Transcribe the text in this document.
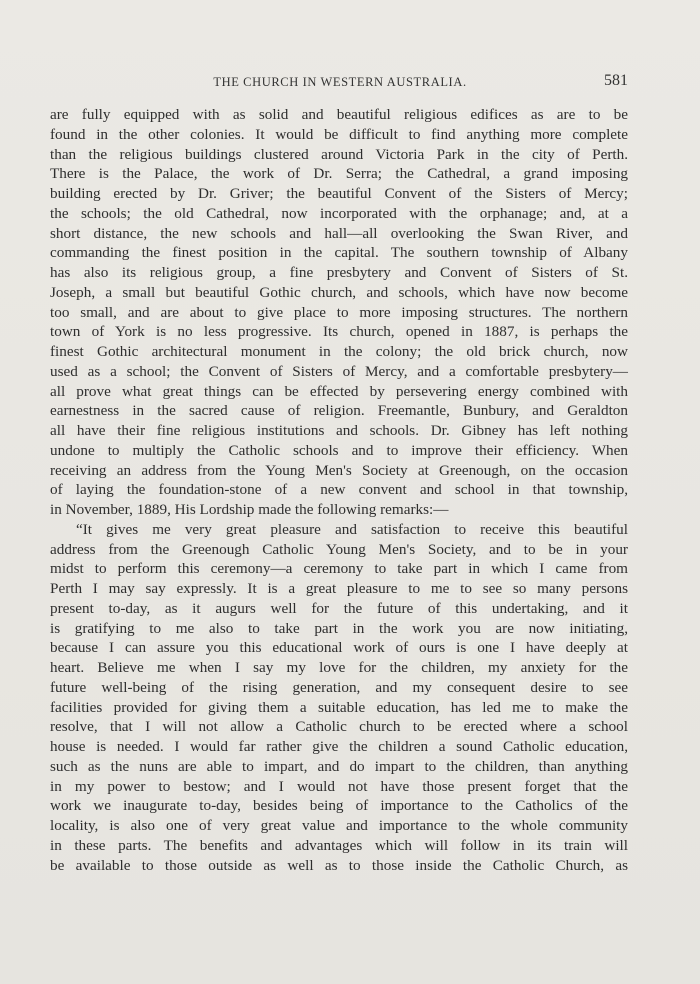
THE CHURCH IN WESTERN AUSTRALIA.	581
are fully equipped with as solid and beautiful religious edifices as are to be
found in the other colonies. It would be difficult to find anything more complete
than the religious buildings clustered around Victoria Park in the city of Perth.
There is the Palace, the work of Dr. Serra; the Cathedral, a grand imposing
building erected by Dr. Griver; the beautiful Convent of the Sisters of Mercy;
the schools; the old Cathedral, now incorporated with the orphanage; and, at a
short distance, the new schools and hall—all overlooking the Swan River, and
commanding the finest position in the capital. The southern township of Albany
has also its religious group, a fine presbytery and Convent of Sisters of St.
Joseph, a small but beautiful Gothic church, and schools, which have now become
too small, and are about to give place to more imposing structures. The northern
town of York is no less progressive. Its church, opened in 1887, is perhaps the
finest Gothic architectural monument in the colony; the old brick church, now
used as a school; the Convent of Sisters of Mercy, and a comfortable presbytery—
all prove what great things can be effected by persevering energy combined with
earnestness in the sacred cause of religion. Freemantle, Bunbury, and Geraldton
all have their fine religious institutions and schools. Dr. Gibney has left nothing
undone to multiply the Catholic schools and to improve their efficiency. When
receiving an address from the Young Men's Society at Greenough, on the occasion
of laying the foundation-stone of a new convent and school in that township,
in November, 1889, His Lordship made the following remarks:—
“It gives me very great pleasure and satisfaction to receive this beautiful
address from the Greenough Catholic Young Men's Society, and to be in your
midst to perform this ceremony—a ceremony to take part in which I came from
Perth I may say expressly. It is a great pleasure to me to see so many persons
present to-day, as it augurs well for the future of this undertaking, and it
is gratifying to me also to take part in the work you are now initiating,
because I can assure you this educational work of ours is one I have deeply at
heart. Believe me when I say my love for the children, my anxiety for the
future well-being of the rising generation, and my consequent desire to see
facilities provided for giving them a suitable education, has led me to make the
resolve, that I will not allow a Catholic church to be erected where a school
house is needed. I would far rather give the children a sound Catholic education,
such as the nuns are able to impart, and do impart to the children, than anything
in my power to bestow; and I would not have those present forget that the
work we inaugurate to-day, besides being of importance to the Catholics of the
locality, is also one of very great value and importance to the whole community
in these parts. The benefits and advantages which will follow in its train will
be available to those outside as well as to those inside the Catholic Church, as
